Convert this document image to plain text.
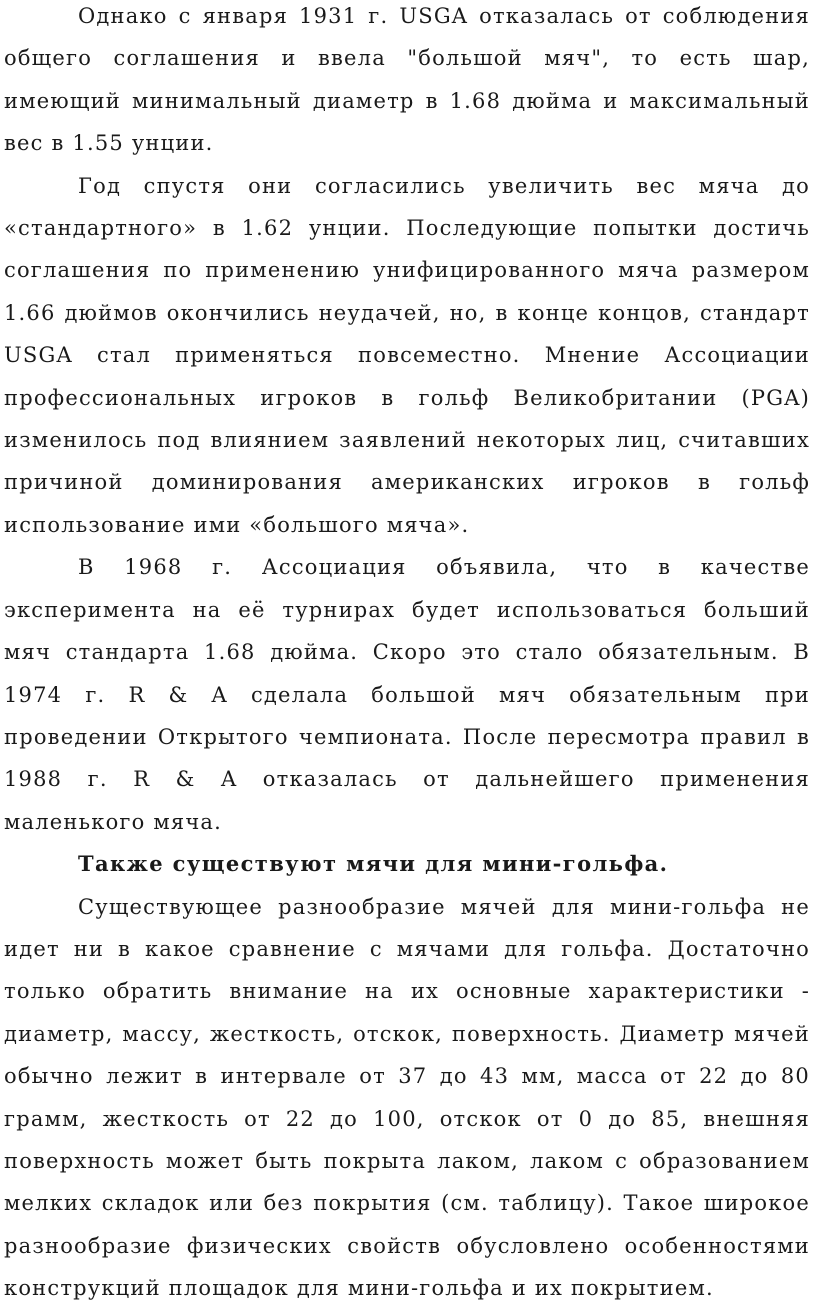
Однако с января 1931 г. USGA отказалась от соблюдения общего соглашения и ввела "большой мяч", то есть шар, имеющий минимальный диаметр в 1.68 дюйма и максимальный вес в 1.55 унции.

Год спустя они согласились увеличить вес мяча до «стандартного» в 1.62 унции. Последующие попытки достичь соглашения по применению унифицированного мяча размером 1.66 дюймов окончились неудачей, но, в конце концов, стандарт USGA стал применяться повсеместно. Мнение Ассоциации профессиональных игроков в гольф Великобритании (PGA) изменилось под влиянием заявлений некоторых лиц, считавших причиной доминирования американских игроков в гольф использование ими «большого мяча».

В 1968 г. Ассоциация объявила, что в качестве эксперимента на её турнирах будет использоваться больший мяч стандарта 1.68 дюйма. Скоро это стало обязательным. В 1974 г. R & A сделала большой мяч обязательным при проведении Открытого чемпионата. После пересмотра правил в 1988 г. R & A отказалась от дальнейшего применения маленького мяча.

Также существуют мячи для мини-гольфа.

Существующее разнообразие мячей для мини-гольфа не идет ни в какое сравнение с мячами для гольфа. Достаточно только обратить внимание на их основные характеристики - диаметр, массу, жесткость, отскок, поверхность. Диаметр мячей обычно лежит в интервале от 37 до 43 мм, масса от 22 до 80 грамм, жесткость от 22 до 100, отскок от 0 до 85, внешняя поверхность может быть покрыта лаком, лаком с образованием мелких складок или без покрытия (см. таблицу). Такое широкое разнообразие физических свойств обусловлено особенностями конструкций площадок для мини-гольфа и их покрытием.
